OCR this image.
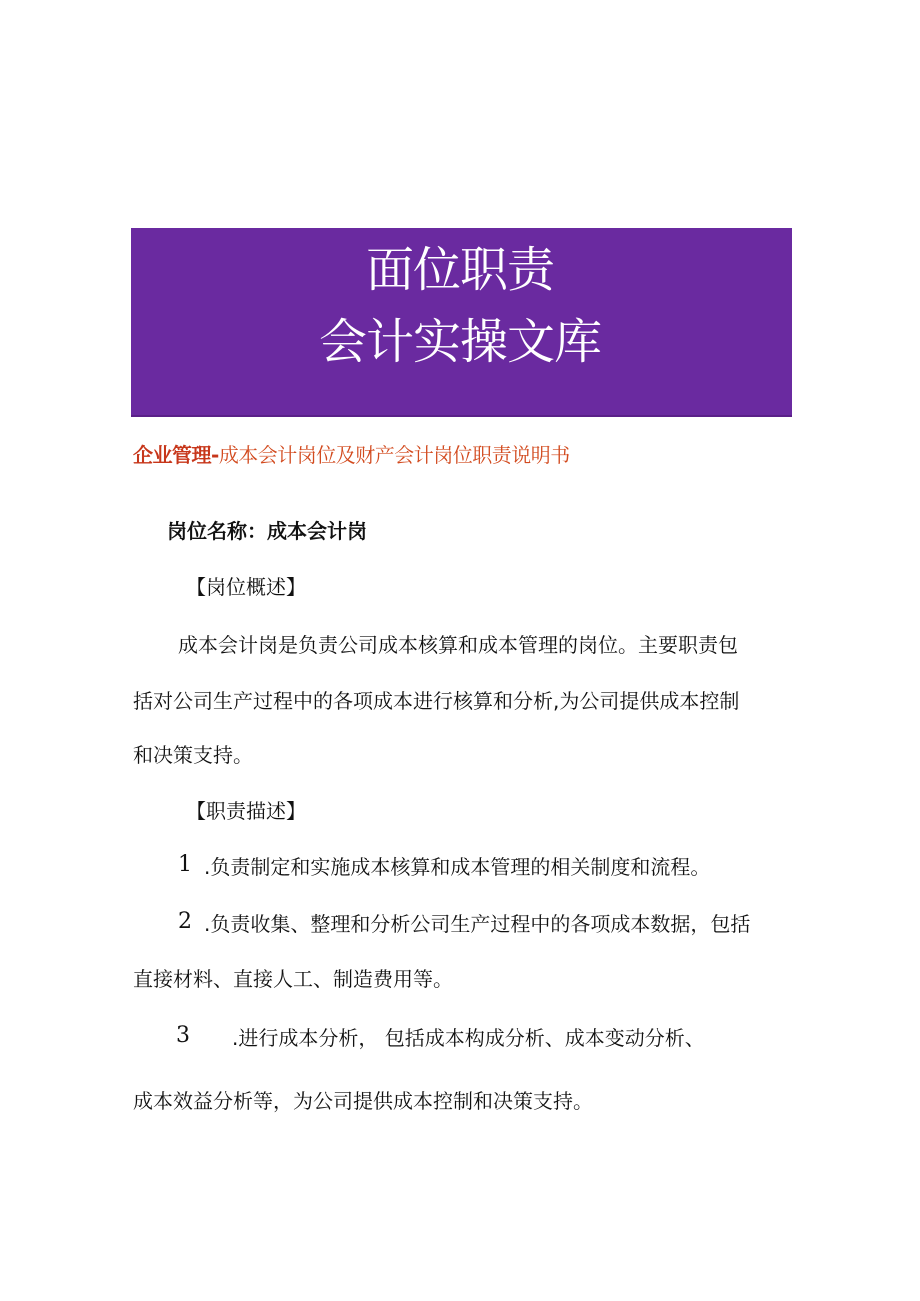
面位职责
会计实操文库
企业管理-成本会计岗位及财产会计岗位职责说明书
岗位名称：成本会计岗
【岗位概述】
成本会计岗是负责公司成本核算和成本管理的岗位。主要职责包
括对公司生产过程中的各项成本进行核算和分析,为公司提供成本控制
和决策支持。
【职责描述】
1 .负责制定和实施成本核算和成本管理的相关制度和流程。
2 .负责收集、整理和分析公司生产过程中的各项成本数据，包括
直接材料、直接人工、制造费用等。
3 .进行成本分析， 包括成本构成分析、成本变动分析、
成本效益分析等，为公司提供成本控制和决策支持。
